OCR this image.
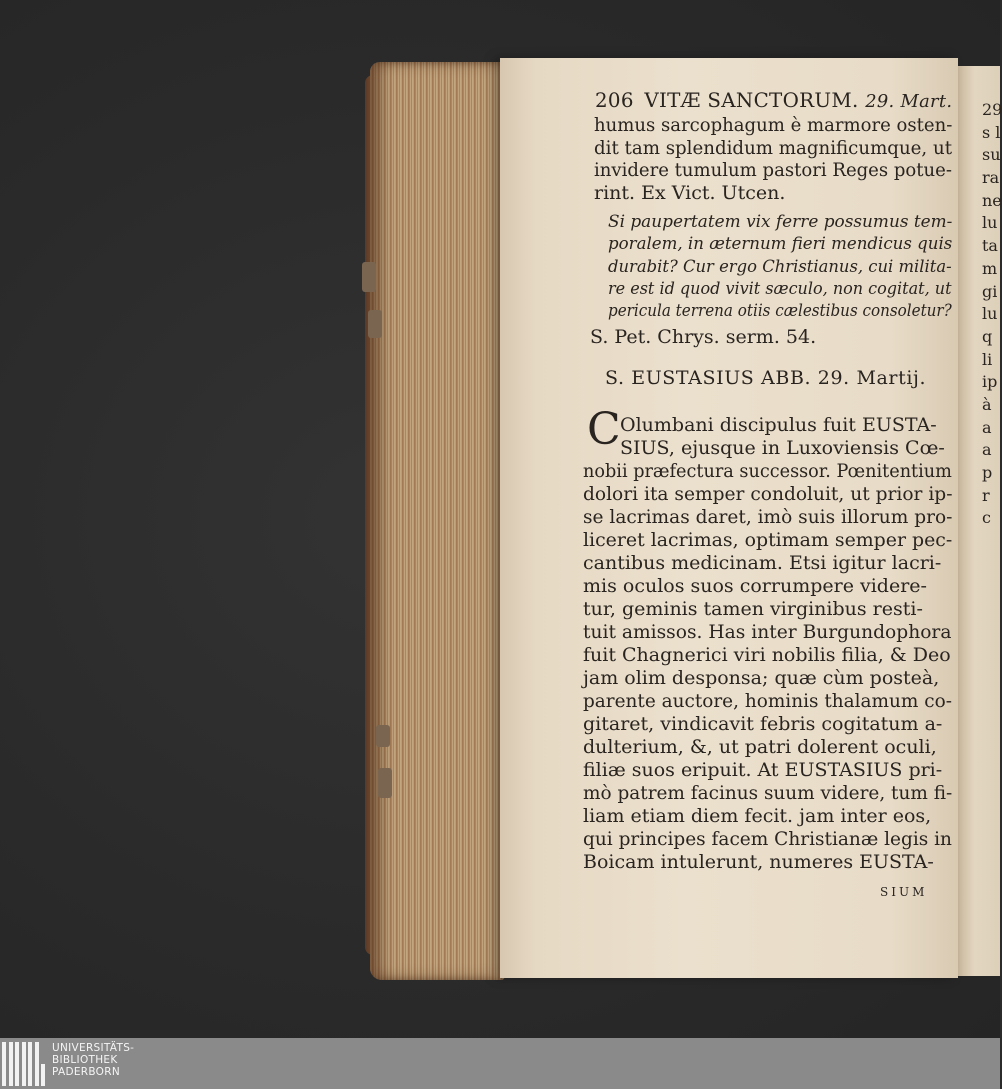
29
s l
su
ra
ne
lu
ta
m
gi
lu
q
li
ip
à
a
a
p
r
c
206 VITÆ SANCTORUM. 29. Mart.
humus sarcophagum è marmore osten-
dit tam splendidum magnificumque, ut
invidere tumulum pastori Reges potue-
rint. Ex Vict. Utcen.
Si paupertatem vix ferre possumus tem-
poralem, in æternum fieri mendicus quis
durabit? Cur ergo Christianus, cui milita-
re est id quod vivit sæculo, non cogitat, ut
pericula terrena otiis cælestibus consoletur?
S. Pet. Chrys. serm. 54.
S. EUSTASIUS ABB. 29. Martij.
C Olumbani discipulus fuit EUSTA-
SIUS, ejusque in Luxoviensis Cœ-
nobii præfectura successor. Pœnitentium
dolori ita semper condoluit, ut prior ip-
se lacrimas daret, imò suis illorum pro-
liceret lacrimas, optimam semper pec-
cantibus medicinam. Etsi igitur lacri-
mis oculos suos corrumpere videre-
tur, geminis tamen virginibus resti-
tuit amissos. Has inter Burgundophora
fuit Chagnerici viri nobilis filia, & Deo
jam olim desponsa; quæ cùm posteà,
parente auctore, hominis thalamum co-
gitaret, vindicavit febris cogitatum a-
dulterium, &, ut patri dolerent oculi,
filiæ suos eripuit. At EUSTASIUS pri-
mò patrem facinus suum videre, tum fi-
liam etiam diem fecit. jam inter eos,
qui principes facem Christianæ legis in
Boicam intulerunt, numeres EUSTA-
SIUM
UNIVERSITÄTS-
BIBLIOTHEK
PADERBORN
